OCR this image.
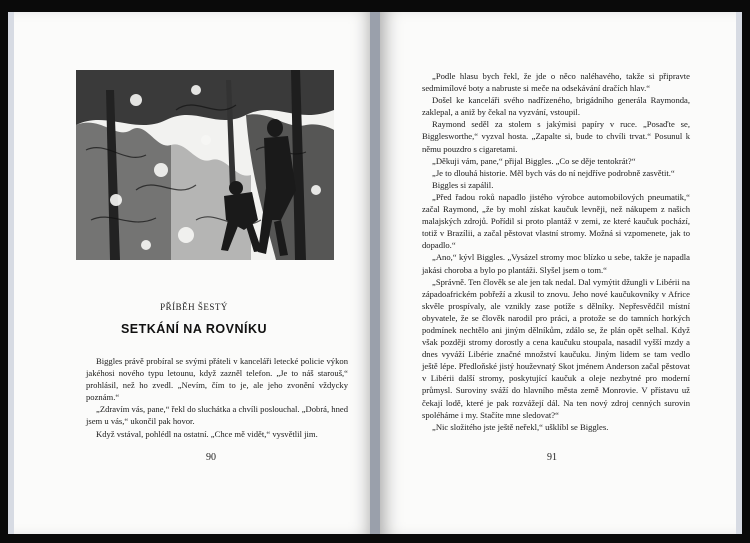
PŘÍBĚH ŠESTÝ
SETKÁNÍ NA ROVNÍKU

Biggles právě probíral se svými přáteli v kanceláři letecké policie výkon jakéhosi nového typu letounu, když zazněl telefon. „Je to náš starouš,“ prohlásil, než ho zvedl. „Nevím, čím to je, ale jeho zvonění vždycky poznám.“

„Zdravím vás, pane,“ řekl do sluchátka a chvíli poslouchal. „Dobrá, hned jsem u vás,“ ukončil pak hovor.

Když vstával, pohlédl na ostatní. „Chce mě vidět,“ vysvětlil jim.

90

„Podle hlasu bych řekl, že jde o něco naléhavého, takže si připravte sedmimílové boty a nabruste si meče na odsekávání dračích hlav.“

Došel ke kanceláři svého nadřízeného, brigádního generála Raymonda, zaklepal, a aniž by čekal na vyzvání, vstoupil.

Raymond seděl za stolem s jakýmisi papíry v ruce. „Posaďte se, Bigglesworthe,“ vyzval hosta. „Zapalte si, bude to chvíli trvat.“ Posunul k němu pouzdro s cigaretami.

„Děkuji vám, pane,“ přijal Biggles. „Co se děje tentokrát?“

„Je to dlouhá historie. Měl bych vás do ní nejdříve podrobně zasvětit.“

Biggles si zapálil.

„Před řadou roků napadlo jistého výrobce automobilových pneumatik,“ začal Raymond, „že by mohl získat kaučuk levněji, než nákupem z našich malajských zdrojů. Pořídil si proto plantáž v zemi, ze které kaučuk pochází, totiž v Brazílii, a začal pěstovat vlastní stromy. Možná si vzpomenete, jak to dopadlo.“

„Ano,“ kývl Biggles. „Vysázel stromy moc blízko u sebe, takže je napadla jakási choroba a bylo po plantáži. Slyšel jsem o tom.“

„Správně. Ten člověk se ale jen tak nedal. Dal vymýtit džungli v Libérii na západoafrickém pobřeží a zkusil to znovu. Jeho nové kaučukovníky v Africe skvěle prospívaly, ale vznikly zase potíže s dělníky. Nepřesvědčil místní obyvatele, že se člověk narodil pro práci, a protože se do tamních horkých podmínek nechtělo ani jiným dělníkům, zdálo se, že plán opět selhal. Když však později stromy dorostly a cena kaučuku stoupala, nasadil vyšší mzdy a dnes vyváží Libérie značné množství kaučuku. Jiným lidem se tam vedlo ještě lépe. Předloňské jistý houževnatý Skot jménem Anderson začal pěstovat v Libérii další stromy, poskytující kaučuk a oleje nezbytné pro moderní průmysl. Suroviny sváží do hlavního města země Monrovie. V přístavu už čekají lodě, které je pak rozvážejí dál. Na ten nový zdroj cenných surovin spoléháme i my. Stačíte mne sledovat?“

„Nic složitého jste ještě neřekl,“ ušklíbl se Biggles.

91
